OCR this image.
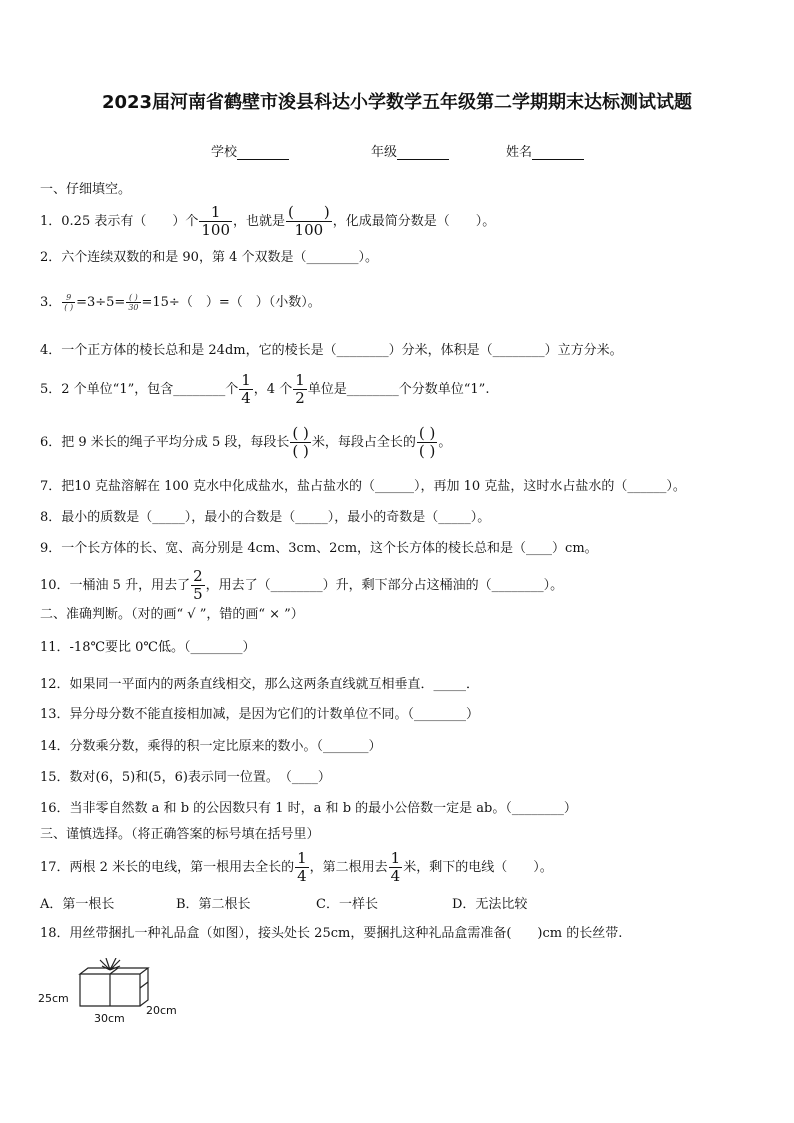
2023届河南省鹤壁市浚县科达小学数学五年级第二学期期末达标测试试题
学校	年级	姓名
一、仔细填空。
1．0.25 表示有（　　）个 $\frac{1}{100}$ ，也就是 $\frac{( )}{100}$ ，化成最简分数是（　　）。
2．六个连续双数的和是 90，第 4 个双数是（________）。
3． $\frac{9}{( )} =3\div 5= \frac{( )}{30} =15\div$（　）=（　）（小数）。
4．一个正方体的棱长总和是 24dm，它的棱长是（________）分米，体积是（________）立方分米。
5．2 个单位“1”，包含________个 $\frac{1}{4}$ ，4 个 $\frac{1}{2}$ 单位是________个分数单位“1”.
6．把 9 米长的绳子平均分成 5 段，每段长 $\frac{( )}{( )}$ 米，每段占全长的 $\frac{( )}{( )}$ 。
7．把10 克盐溶解在 100 克水中化成盐水，盐占盐水的（______），再加 10 克盐，这时水占盐水的（______）。
8．最小的质数是（_____），最小的合数是（_____），最小的奇数是（_____）。
9．一个长方体的长、宽、高分别是 4cm、3cm、2cm，这个长方体的棱长总和是（____）cm。
10．一桶油 5 升，用去了 $\frac{2}{5}$ ，用去了（________）升，剩下部分占这桶油的（________）。
二、准确判断。（对的画“ √ ”，错的画“ × ”）
11．-18℃要比 0℃低。（________）
12．如果同一平面内的两条直线相交，那么这两条直线就互相垂直．_____．
13．异分母分数不能直接相加减，是因为它们的计数单位不同。（________）
14．分数乘分数，乘得的积一定比原来的数小。（_______）
15．数对(6，5)和(5，6)表示同一位置。　（____）
16．当非零自然数 a 和 b 的公因数只有 1 时，a 和 b 的最小公倍数一定是 ab。（________）
三、谨慎选择。（将正确答案的标号填在括号里）
17．两根 2 米长的电线，第一根用去全长的 $\frac{1}{4}$ ，第二根用去 $\frac{1}{4}$ 米，剩下的电线（　　）。
A．第一根长	B．第二根长	C．一样长	D．无法比较
18．用丝带捆扎一种礼品盒（如图），接头处长 25cm，要捆扎这种礼品盒需准备(　　)cm 的长丝带.
25cm
30cm
20cm
